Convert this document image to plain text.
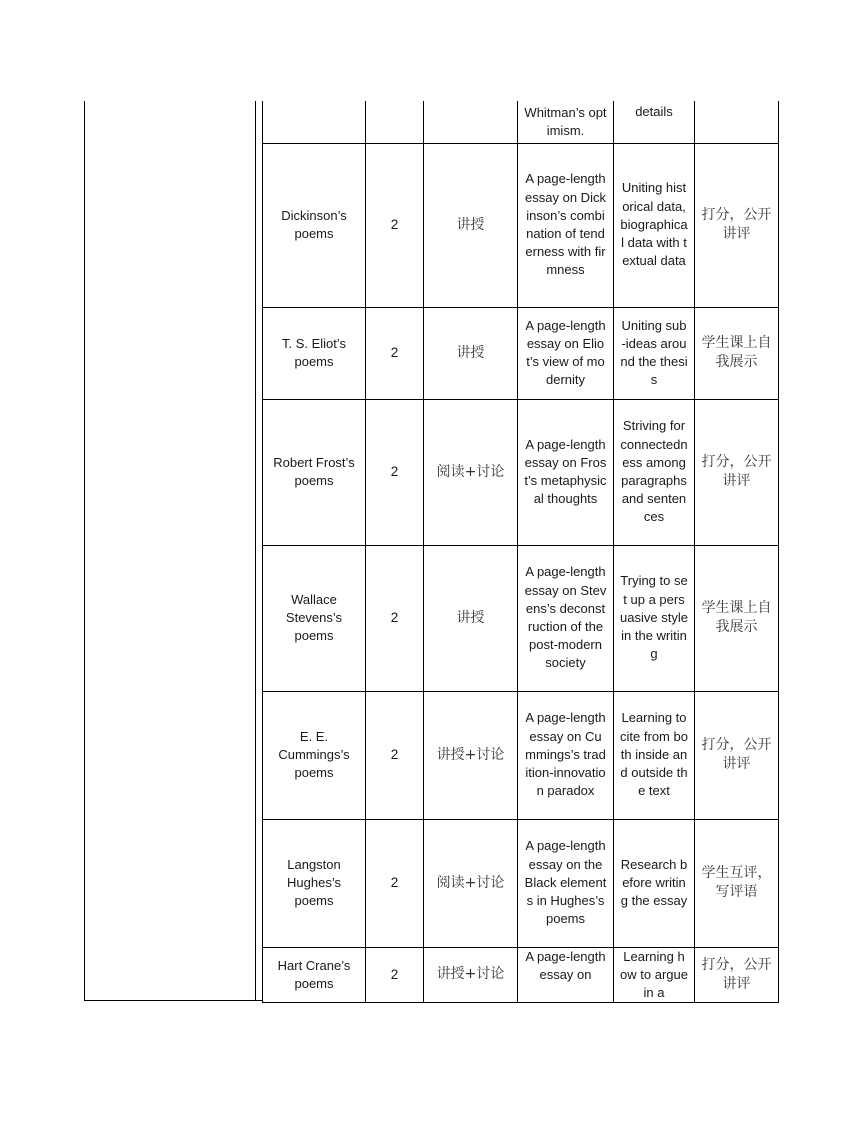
			Whitman’s optimism.	details	
Dickinson’s poems	2	讲授	A page-length essay on Dickinson’s combination of tenderness with firmness	Uniting historical data, biographical data with textual data	打分，公开讲评
T. S. Eliot’s poems	2	讲授	A page-length essay on Eliot’s view of modernity	Uniting sub-ideas around the thesis	学生课上自我展示
Robert Frost’s poems	2	阅读+讨论	A page-length essay on Frost’s metaphysical thoughts	Striving for connectedness among paragraphs and sentences	打分，公开讲评
Wallace Stevens’s poems	2	讲授	A page-length essay on Stevens’s deconstruction of the post-modern society	Trying to set up a persuasive style in the writing	学生课上自我展示
E. E. Cummings’s poems	2	讲授+讨论	A page-length essay on Cummings’s tradition-innovation paradox	Learning to cite from both inside and outside the text	打分，公开讲评
Langston Hughes’s poems	2	阅读+讨论	A page-length essay on the Black elements in Hughes’s poems	Research before writing the essay	学生互评，写评语
Hart Crane’s poems	2	讲授+讨论	A page-length essay on	Learning how to argue in a	打分，公开讲评
